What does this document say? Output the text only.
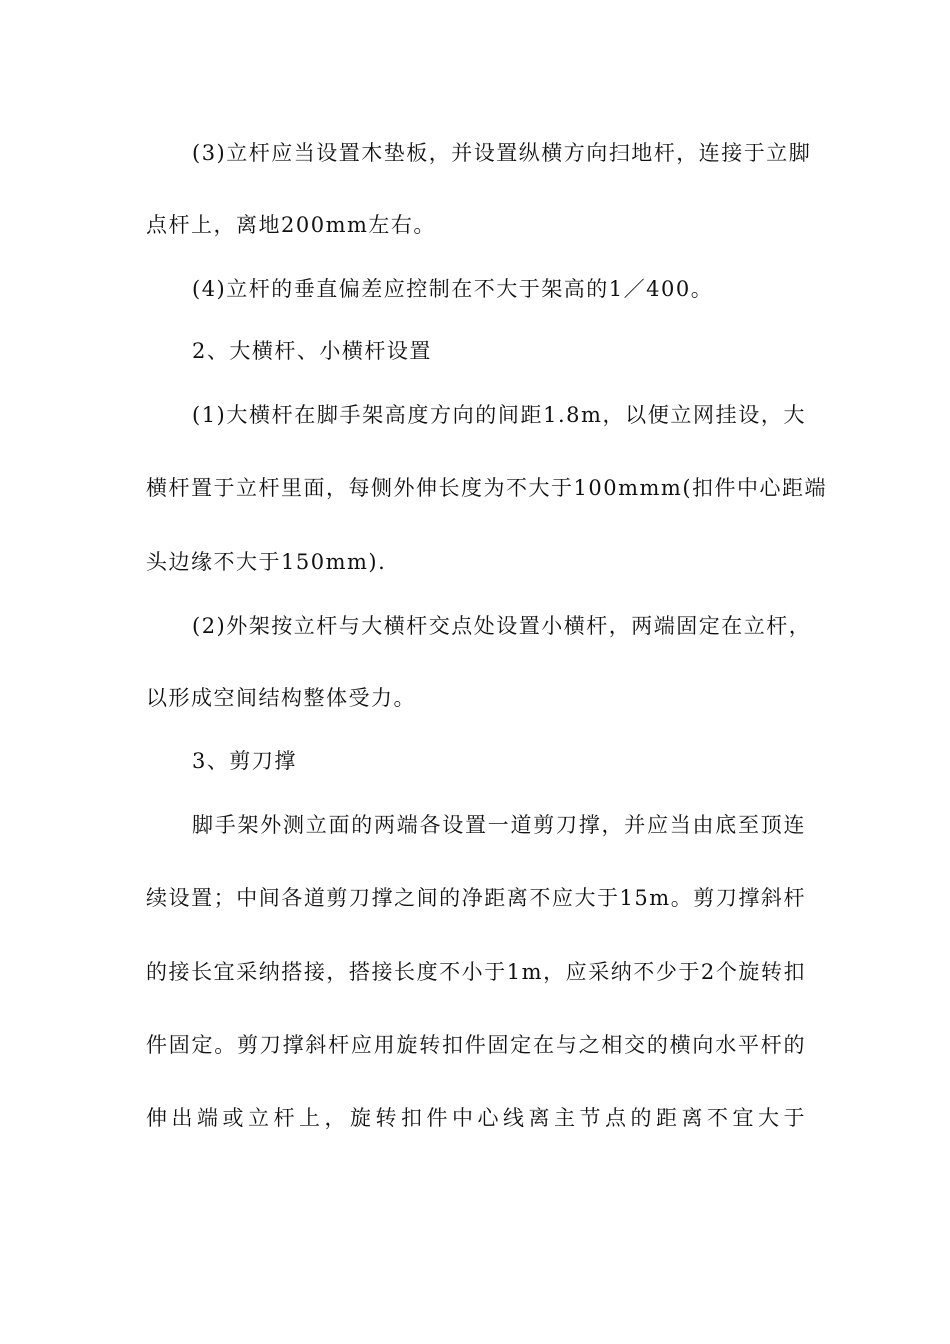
(3)立杆应当设置木垫板，并设置纵横方向扫地杆，连接于立脚
点杆上，离地200mm左右。
(4)立杆的垂直偏差应控制在不大于架高的1／400。
2、大横杆、小横杆设置
(1)大横杆在脚手架高度方向的间距1.8m，以便立网挂设，大
横杆置于立杆里面，每侧外伸长度为不大于100mmm(扣件中心距端
头边缘不大于150mm).
(2)外架按立杆与大横杆交点处设置小横杆，两端固定在立杆，
以形成空间结构整体受力。
3、剪刀撑
脚手架外测立面的两端各设置一道剪刀撑，并应当由底至顶连
续设置；中间各道剪刀撑之间的净距离不应大于15m。剪刀撑斜杆
的接长宜采纳搭接，搭接长度不小于1m，应采纳不少于2个旋转扣
件固定。剪刀撑斜杆应用旋转扣件固定在与之相交的横向水平杆的
伸出端或立杆上，旋转扣件中心线离主节点的距离不宜大于
